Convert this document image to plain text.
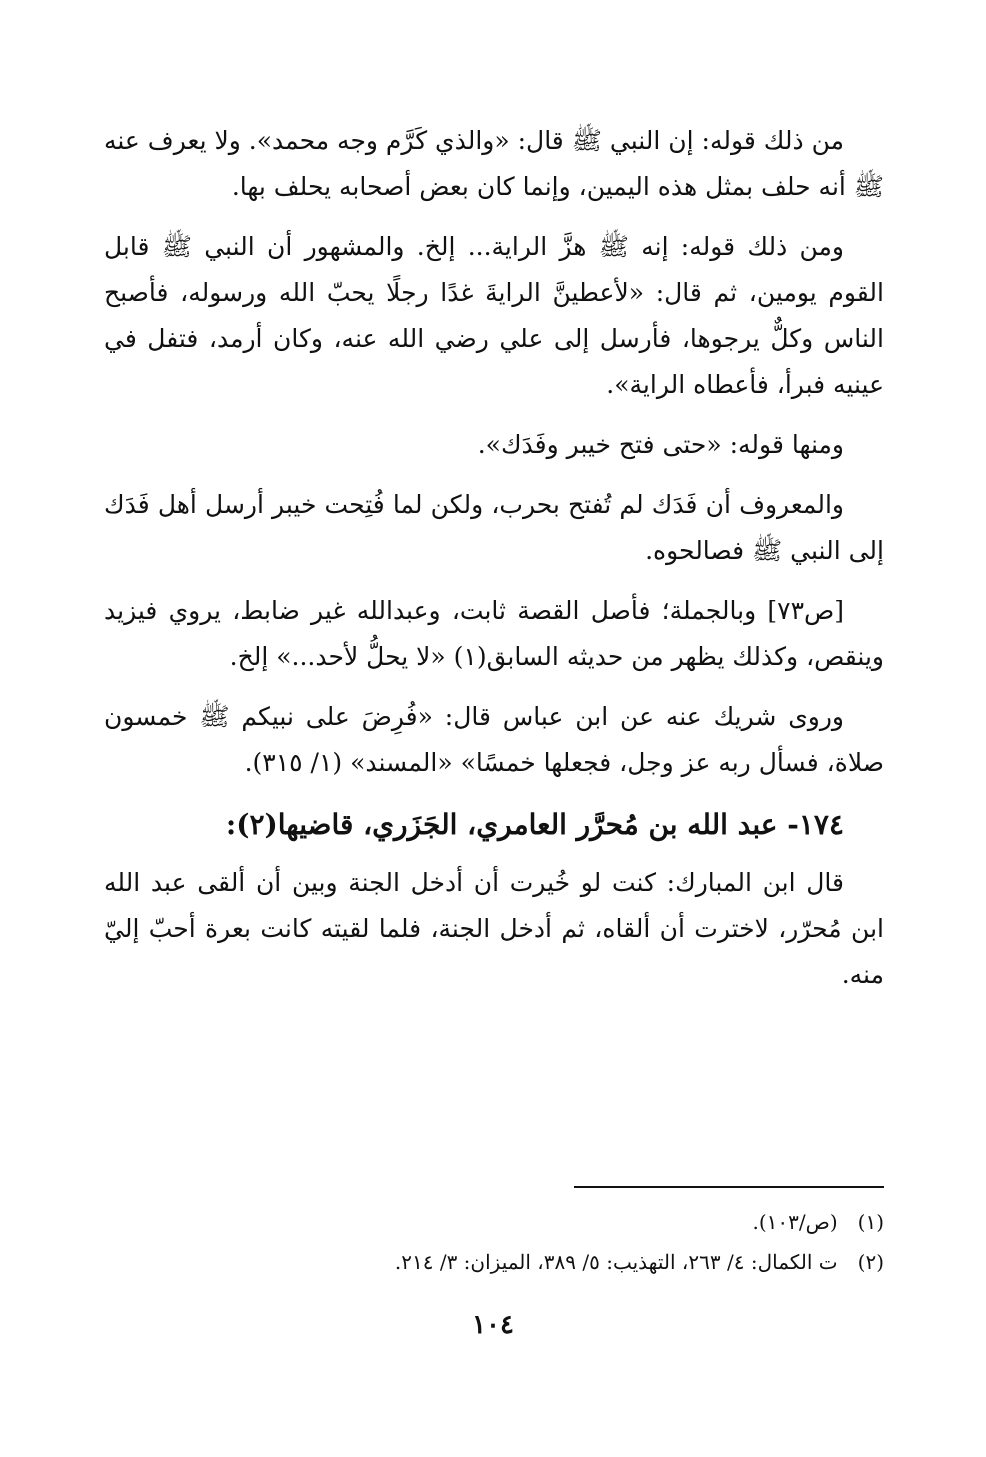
من ذلك قوله: إن النبي ﷺ قال: «والذي كَرَّم وجه محمد». ولا يعرف عنه ﷺ أنه حلف بمثل هذه اليمين، وإنما كان بعض أصحابه يحلف بها.

ومن ذلك قوله: إنه ﷺ هزَّ الراية... إلخ. والمشهور أن النبي ﷺ قابل القوم يومين، ثم قال: «لأعطينَّ الرايةَ غدًا رجلًا يحبّ الله ورسوله، فأصبح الناس وكلٌّ يرجوها، فأرسل إلى علي رضي الله عنه، وكان أرمد، فتفل في عينيه فبرأ، فأعطاه الراية».

ومنها قوله: «حتى فتح خيبر وفَدَك».

والمعروف أن فَدَك لم تُفتح بحرب، ولكن لما فُتِحت خيبر أرسل أهل فَدَك إلى النبي ﷺ فصالحوه.

[ص٧٣] وبالجملة؛ فأصل القصة ثابت، وعبدالله غير ضابط، يروي فيزيد وينقص، وكذلك يظهر من حديثه السابق(١) «لا يحلُّ لأحد...» إلخ.

وروى شريك عنه عن ابن عباس قال: «فُرِضَ على نبيكم ﷺ خمسون صلاة، فسأل ربه عز وجل، فجعلها خمسًا» «المسند» (١/ ٣١٥).

١٧٤- عبد الله بن مُحرَّر العامري، الجَزَري، قاضيها(٢):

قال ابن المبارك: كنت لو خُيرت أن أدخل الجنة وبين أن ألقى عبد الله ابن مُحرّر، لاخترت أن ألقاه، ثم أدخل الجنة، فلما لقيته كانت بعرة أحبّ إليّ منه.

(١) (ص/١٠٣).

(٢) ت الكمال: ٤/ ٢٦٣، التهذيب: ٥/ ٣٨٩، الميزان: ٣/ ٢١٤.

١٠٤
